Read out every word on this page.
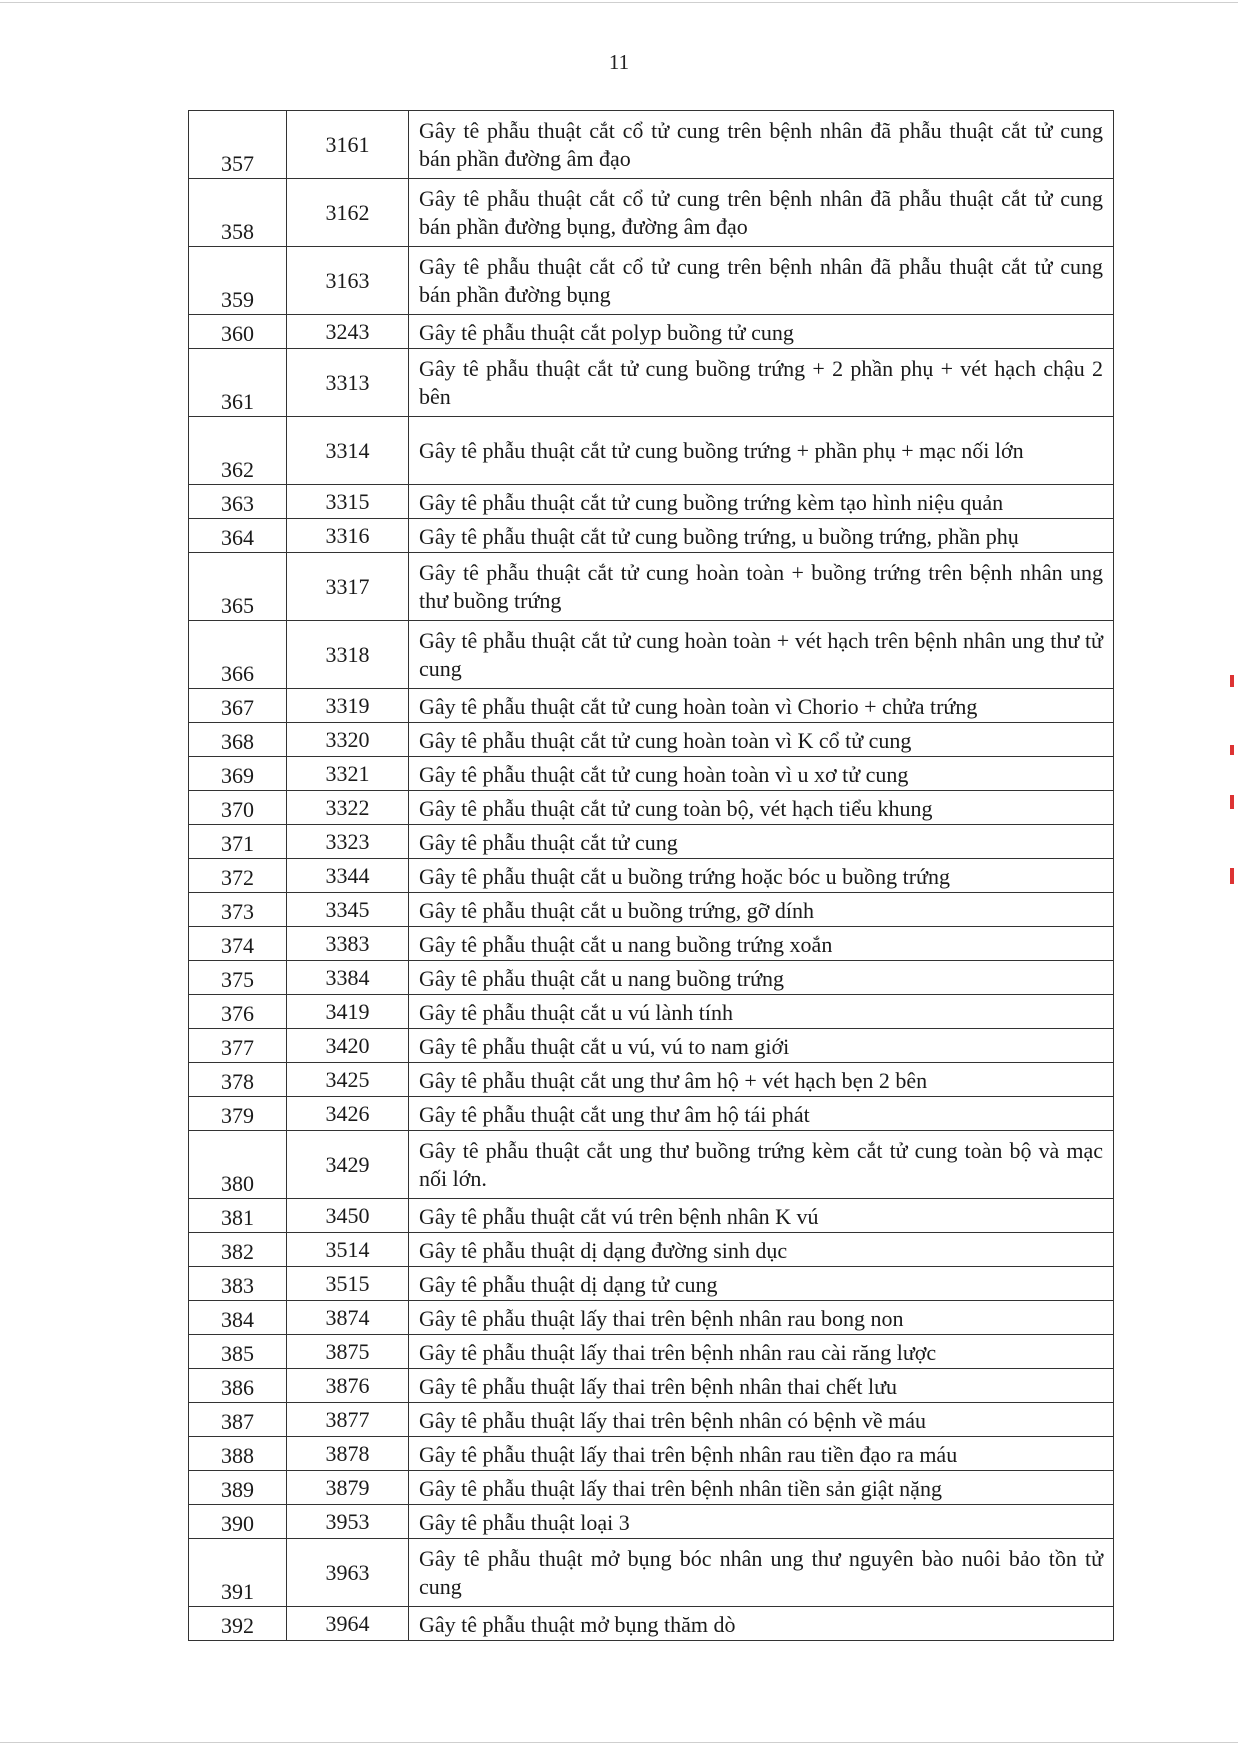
11
357	3161	Gây tê phẫu thuật cắt cổ tử cung trên bệnh nhân đã phẫu thuật cắt tử cung bán phần đường âm đạo
358	3162	Gây tê phẫu thuật cắt cổ tử cung trên bệnh nhân đã phẫu thuật cắt tử cung bán phần đường bụng, đường âm đạo
359	3163	Gây tê phẫu thuật cắt cổ tử cung trên bệnh nhân đã phẫu thuật cắt tử cung bán phần đường bụng
360	3243	Gây tê phẫu thuật cắt polyp buồng tử cung
361	3313	Gây tê phẫu thuật cắt tử cung buồng trứng + 2 phần phụ + vét hạch chậu 2 bên
362	3314	Gây tê phẫu thuật cắt tử cung buồng trứng + phần phụ + mạc nối lớn
363	3315	Gây tê phẫu thuật cắt tử cung buồng trứng kèm tạo hình niệu quản
364	3316	Gây tê phẫu thuật cắt tử cung buồng trứng, u buồng trứng, phần phụ
365	3317	Gây tê phẫu thuật cắt tử cung hoàn toàn + buồng trứng trên bệnh nhân ung thư buồng trứng
366	3318	Gây tê phẫu thuật cắt tử cung hoàn toàn + vét hạch trên bệnh nhân ung thư tử cung
367	3319	Gây tê phẫu thuật cắt tử cung hoàn toàn vì Chorio + chửa trứng
368	3320	Gây tê phẫu thuật cắt tử cung hoàn toàn vì K cổ tử cung
369	3321	Gây tê phẫu thuật cắt tử cung hoàn toàn vì u xơ tử cung
370	3322	Gây tê phẫu thuật cắt tử cung toàn bộ, vét hạch tiểu khung
371	3323	Gây tê phẫu thuật cắt tử cung
372	3344	Gây tê phẫu thuật cắt u buồng trứng hoặc bóc u buồng trứng
373	3345	Gây tê phẫu thuật cắt u buồng trứng, gỡ dính
374	3383	Gây tê phẫu thuật cắt u nang buồng trứng xoắn
375	3384	Gây tê phẫu thuật cắt u nang buồng trứng
376	3419	Gây tê phẫu thuật cắt u vú lành tính
377	3420	Gây tê phẫu thuật cắt u vú, vú to nam giới
378	3425	Gây tê phẫu thuật cắt ung thư âm hộ + vét hạch bẹn 2 bên
379	3426	Gây tê phẫu thuật cắt ung thư âm hộ tái phát
380	3429	Gây tê phẫu thuật cắt ung thư buồng trứng kèm cắt tử cung toàn bộ và mạc nối lớn.
381	3450	Gây tê phẫu thuật cắt vú trên bệnh nhân K vú
382	3514	Gây tê phẫu thuật dị dạng đường sinh dục
383	3515	Gây tê phẫu thuật dị dạng tử cung
384	3874	Gây tê phẫu thuật lấy thai trên bệnh nhân rau bong non
385	3875	Gây tê phẫu thuật lấy thai trên bệnh nhân rau cài răng lược
386	3876	Gây tê phẫu thuật lấy thai trên bệnh nhân thai chết lưu
387	3877	Gây tê phẫu thuật lấy thai trên bệnh nhân có bệnh về máu
388	3878	Gây tê phẫu thuật lấy thai trên bệnh nhân rau tiền đạo ra máu
389	3879	Gây tê phẫu thuật lấy thai trên bệnh nhân tiền sản giật nặng
390	3953	Gây tê phẫu thuật loại 3
391	3963	Gây tê phẫu thuật mở bụng bóc nhân ung thư nguyên bào nuôi bảo tồn tử cung
392	3964	Gây tê phẫu thuật mở bụng thăm dò
